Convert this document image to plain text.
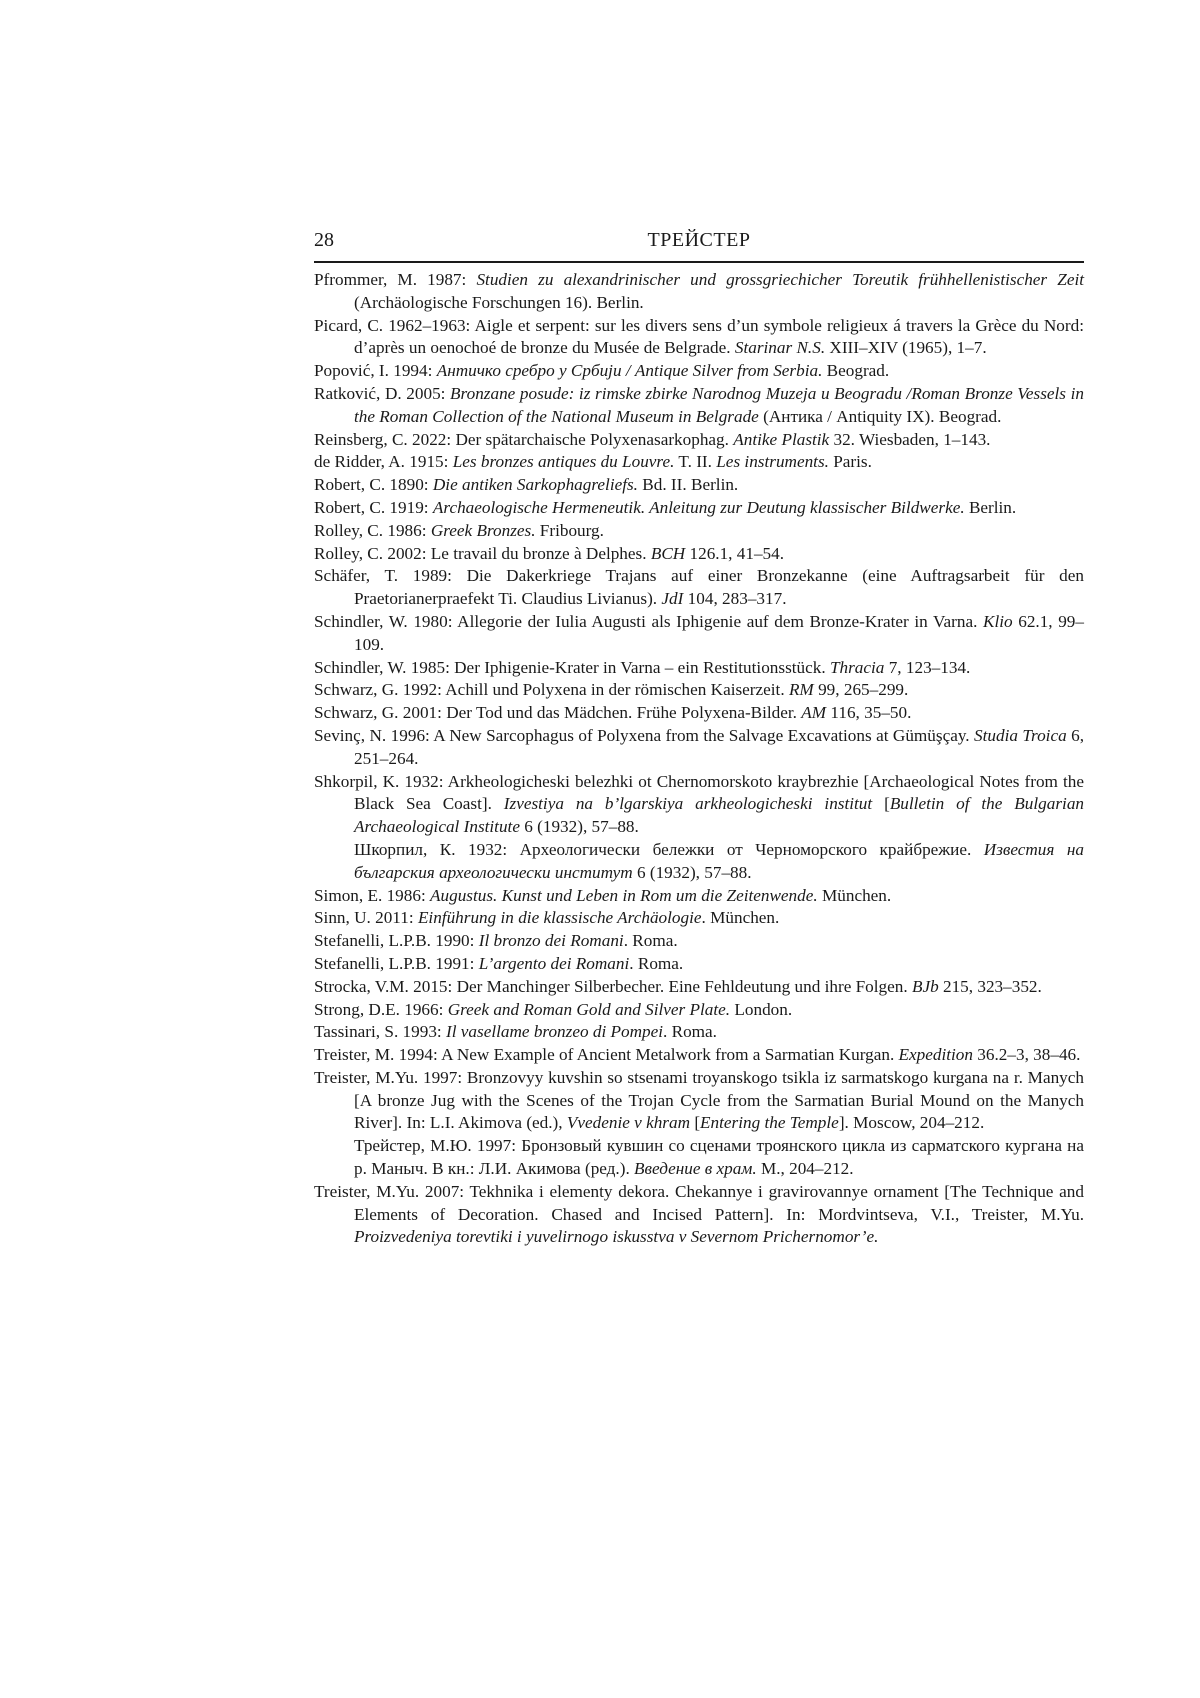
28	ТРЕЙСТЕР

Pfrommer, M. 1987: Studien zu alexandrinischer und grossgriechicher Toreutik frühhellenistischer Zeit (Archäologische Forschungen 16). Berlin.

Picard, C. 1962–1963: Aigle et serpent: sur les divers sens d’un symbole religieux á travers la Grèce du Nord: d’après un oenochoé de bronze du Musée de Belgrade. Starinar N.S. XIII–XIV (1965), 1–7.

Popović, I. 1994: Античко сребро у Србији / Antique Silver from Serbia. Beograd.

Ratković, D. 2005: Bronzane posude: iz rimske zbirke Narodnog Muzeja u Beogradu /Roman Bronze Vessels in the Roman Collection of the National Museum in Belgrade (Антика / Antiquity IX). Beograd.

Reinsberg, C. 2022: Der spätarchaische Polyxenasarkophag. Antike Plastik 32. Wiesbaden, 1–143.

de Ridder, A. 1915: Les bronzes antiques du Louvre. T. II. Les instruments. Paris.

Robert, C. 1890: Die antiken Sarkophagreliefs. Bd. II. Berlin.

Robert, C. 1919: Archaeologische Hermeneutik. Anleitung zur Deutung klassischer Bildwerke. Berlin.

Rolley, C. 1986: Greek Bronzes. Fribourg.

Rolley, C. 2002: Le travail du bronze à Delphes. BCH 126.1, 41–54.

Schäfer, T. 1989: Die Dakerkriege Trajans auf einer Bronzekanne (eine Auftragsarbeit für den Praetorianerpraefekt Ti. Claudius Livianus). JdI 104, 283–317.

Schindler, W. 1980: Allegorie der Iulia Augusti als Iphigenie auf dem Bronze-Krater in Varna. Klio 62.1, 99–109.

Schindler, W. 1985: Der Iphigenie-Krater in Varna – ein Restitutionsstück. Thracia 7, 123–134.

Schwarz, G. 1992: Achill und Polyxena in der römischen Kaiserzeit. RM 99, 265–299.

Schwarz, G. 2001: Der Tod und das Mädchen. Frühe Polyxena-Bilder. AM 116, 35–50.

Sevinç, N. 1996: A New Sarcophagus of Polyxena from the Salvage Excavations at Gümüşçay. Studia Troica 6, 251–264.

Shkorpil, K. 1932: Arkheologicheski belezhki ot Chernomorskoto kraybrezhie [Archaeological Notes from the Black Sea Coast]. Izvestiya na b’lgarskiya arkheologicheski institut [Bulletin of the Bulgarian Archaeological Institute 6 (1932), 57–88.

Шкорпил, К. 1932: Археологически бележки от Черноморского крайбрежие. Известия на българския археологически институт 6 (1932), 57–88.

Simon, E. 1986: Augustus. Kunst und Leben in Rom um die Zeitenwende. München.

Sinn, U. 2011: Einführung in die klassische Archäologie. München.

Stefanelli, L.P.B. 1990: Il bronzo dei Romani. Roma.

Stefanelli, L.P.B. 1991: L’argento dei Romani. Roma.

Strocka, V.M. 2015: Der Manchinger Silberbecher. Eine Fehldeutung und ihre Folgen. BJb 215, 323–352.

Strong, D.E. 1966: Greek and Roman Gold and Silver Plate. London.

Tassinari, S. 1993: Il vasellame bronzeo di Pompei. Roma.

Treister, M. 1994: A New Example of Ancient Metalwork from a Sarmatian Kurgan. Expedition 36.2–3, 38–46.

Treister, M.Yu. 1997: Bronzovyy kuvshin so stsenami troyanskogo tsikla iz sarmatskogo kurgana na r. Manych [A bronze Jug with the Scenes of the Trojan Cycle from the Sarmatian Burial Mound on the Manych River]. In: L.I. Akimova (ed.), Vvedenie v khram [Entering the Temple]. Moscow, 204–212.

Трейстер, М.Ю. 1997: Бронзовый кувшин со сценами троянского цикла из сарматского кургана на р. Маныч. В кн.: Л.И. Акимова (ред.). Введение в храм. М., 204–212.

Treister, M.Yu. 2007: Tekhnika i elementy dekora. Chekannye i gravirovannye ornament [The Technique and Elements of Decoration. Chased and Incised Pattern]. In: Mordvintseva, V.I., Treister, M.Yu. Proizvedeniya torevtiki i yuvelirnogo iskusstva v Severnom Prichernomor’e.
